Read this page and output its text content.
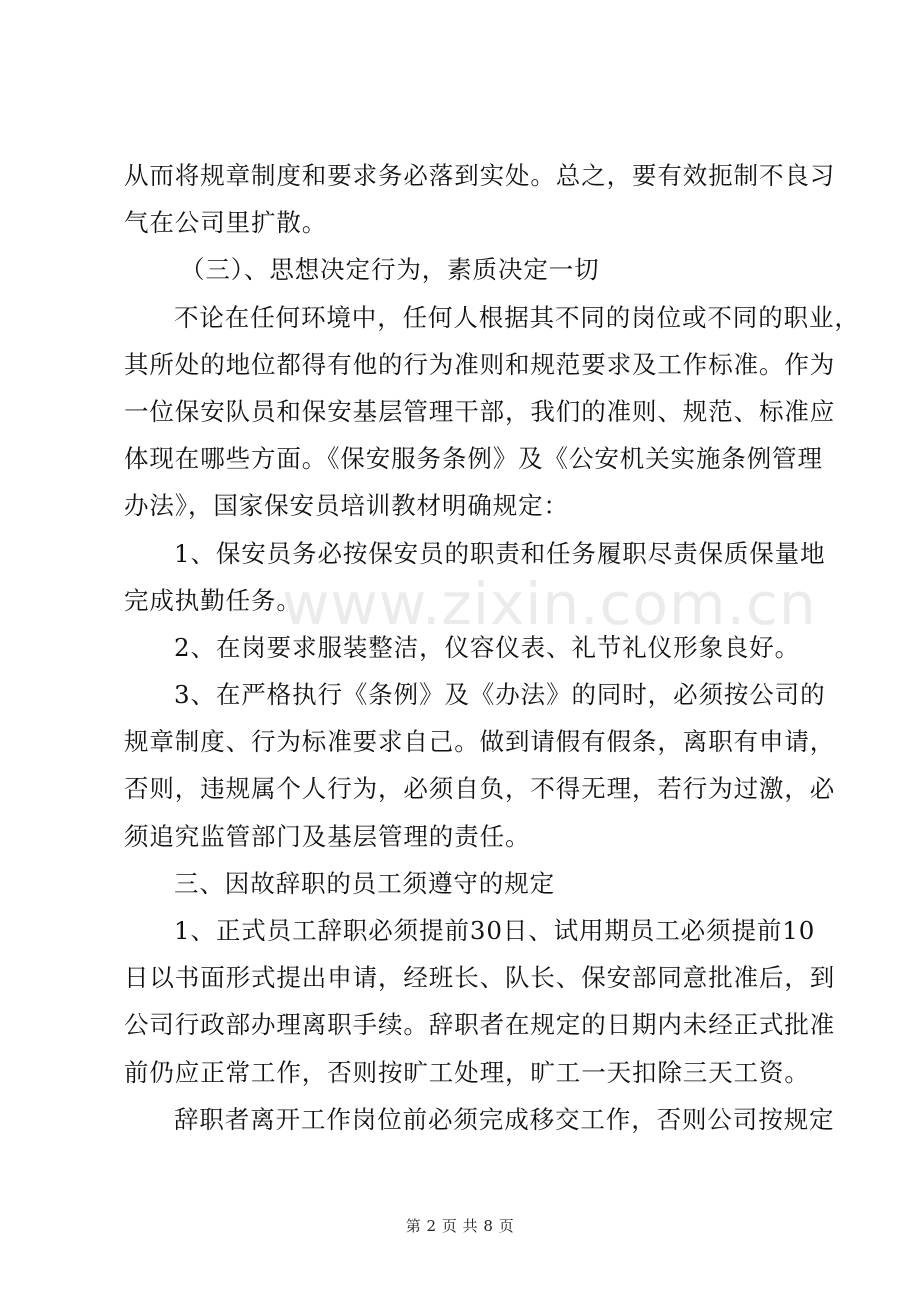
从而将规章制度和要求务必落到实处。总之，要有效扼制不良习
气在公司里扩散。
（三）、思想决定行为，素质决定一切
不论在任何环境中，任何人根据其不同的岗位或不同的职业，
其所处的地位都得有他的行为准则和规范要求及工作标准。作为
一位保安队员和保安基层管理干部，我们的准则、规范、标准应
体现在哪些方面。《保安服务条例》及《公安机关实施条例管理
办法》，国家保安员培训教材明确规定：
1、保安员务必按保安员的职责和任务履职尽责保质保量地
完成执勤任务。
2、在岗要求服装整洁，仪容仪表、礼节礼仪形象良好。
3、在严格执行《条例》及《办法》的同时，必须按公司的
规章制度、行为标准要求自己。做到请假有假条，离职有申请，
否则，违规属个人行为，必须自负，不得无理，若行为过激，必
须追究监管部门及基层管理的责任。
三、因故辞职的员工须遵守的规定
1、正式员工辞职必须提前30日、试用期员工必须提前10
日以书面形式提出申请，经班长、队长、保安部同意批准后，到
公司行政部办理离职手续。辞职者在规定的日期内未经正式批准
前仍应正常工作，否则按旷工处理，旷工一天扣除三天工资。
辞职者离开工作岗位前必须完成移交工作，否则公司按规定
www.zixin.com.cn
第 2 页 共 8 页
